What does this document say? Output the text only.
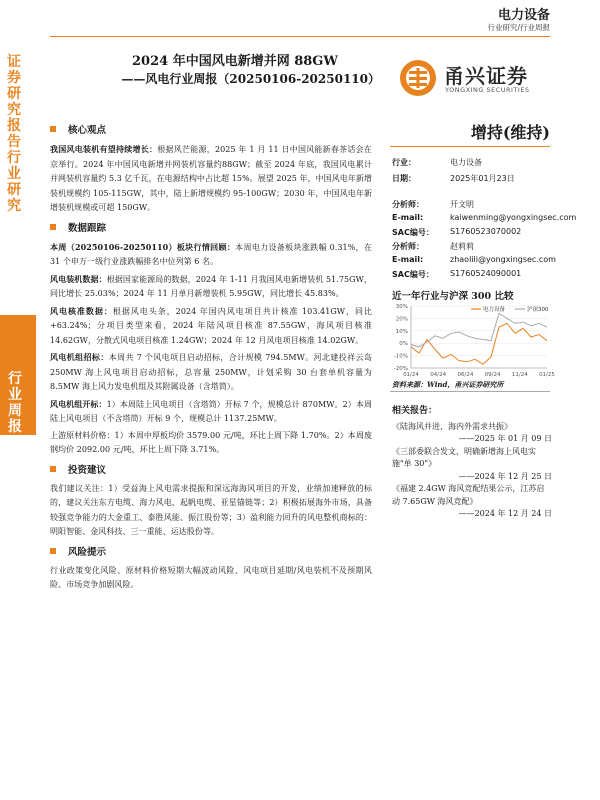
电力设备
行业研究/行业周报
证券研究报告 行业研究
行业周报
2024 年中国风电新增并网 88GW
——风电行业周报（20250106-20250110）	甬兴证券
YONGXING SECURITIES
增持(维持)
行业：	电力设备
日期：	2025年01月23日
分析师：	开文明
E-mail:	kaiwenming@yongxingsec.com
SAC编号： S1760523070002
分析师：	赵莉莉
E-mail:	zhaolili@yongxingsec.com
SAC编号： S1760524090001
核心观点

我国风电装机有望持续增长：根据风芒能源，2025 年 1 月 11 日中国风能新春茶话会在京举行。2024 年中国风电新增并网装机容量约88GW；截至 2024 年底，我国风电累计并网装机容量约 5.3 亿千瓦，在电源结构中占比超 15%。展望 2025 年，中国风电年新增装机规模约 105-115GW，其中，陆上新增规模约 95-100GW；2030 年，中国风电年新增装机规模或可超 150GW。

数据跟踪

本周（20250106-20250110）板块行情回顾：本周电力设备板块涨跌幅 0.31%，在 31 个申万一级行业涨跌幅排名中位列第 6 名。

风电装机数据：根据国家能源局的数据，2024 年 1-11 月我国风电新增装机 51.75GW，同比增长 25.03%；2024 年 11 月单月新增装机 5.95GW，同比增长 45.83%。

风电核准数据：根据风电头条，2024 年国内风电项目共计核准 103.41GW，同比+63.24%；分项目类型来看，2024 年陆风项目核准 87.55GW，海风项目核准 14.62GW，分散式风电项目核准 1.24GW；2024 年 12 月风电项目核准 14.02GW。

风电机组招标：本周共 7 个风电项目启动招标，合计规模 794.5MW。河北建投祥云岛 250MW 海上风电项目启动招标，总容量 250MW，计划采购 30 台套单机容量为 8.5MW 海上风力发电机组及其附属设备（含塔筒）。

风电机组开标：1）本周陆上风电项目（含塔筒）开标 7 个，规模总计 870MW。2）本周陆上风电项目（不含塔筒）开标 9 个，规模总计 1137.25MW。

上游原材料价格：1）本周中厚板均价 3579.00 元/吨，环比上周下降 1.70%。2）本周废钢均价 2092.00 元/吨，环比上周下降 3.71%。

投资建议

我们建议关注：1）受益海上风电需求提振和深远海海风项目的开发，业绩加速释放的标的，建议关注东方电缆、海力风电、起帆电缆、亚星锚链等；2）积极拓展海外市场，具备较强竞争能力的大金重工、泰胜风能、振江股份等；3）盈利能力回升的风电整机商标的：明阳智能、金风科技、三一重能、运达股份等。

风险提示

行业政策变化风险、原材料价格短期大幅波动风险、风电项目延期/风电装机不及预期风险、市场竞争加剧风险。

近一年行业与沪深 300 比较
30%
20%
10%
0%
-10%
-20%
01/24 04/24 06/24 09/24 11/24 01/25
电力设备	沪深300
资料来源：Wind，甬兴证券研究所
相关报告：
《陆海风并进，海内外需求共振》
——2025 年 01 月 09 日
《三部委联合发文，明确新增海上风电实施"单 30"》
——2024 年 12 月 25 日
《福建 2.4GW 海风竞配结果公示，江苏启动 7.65GW 海风竞配》
——2024 年 12 月 24 日
